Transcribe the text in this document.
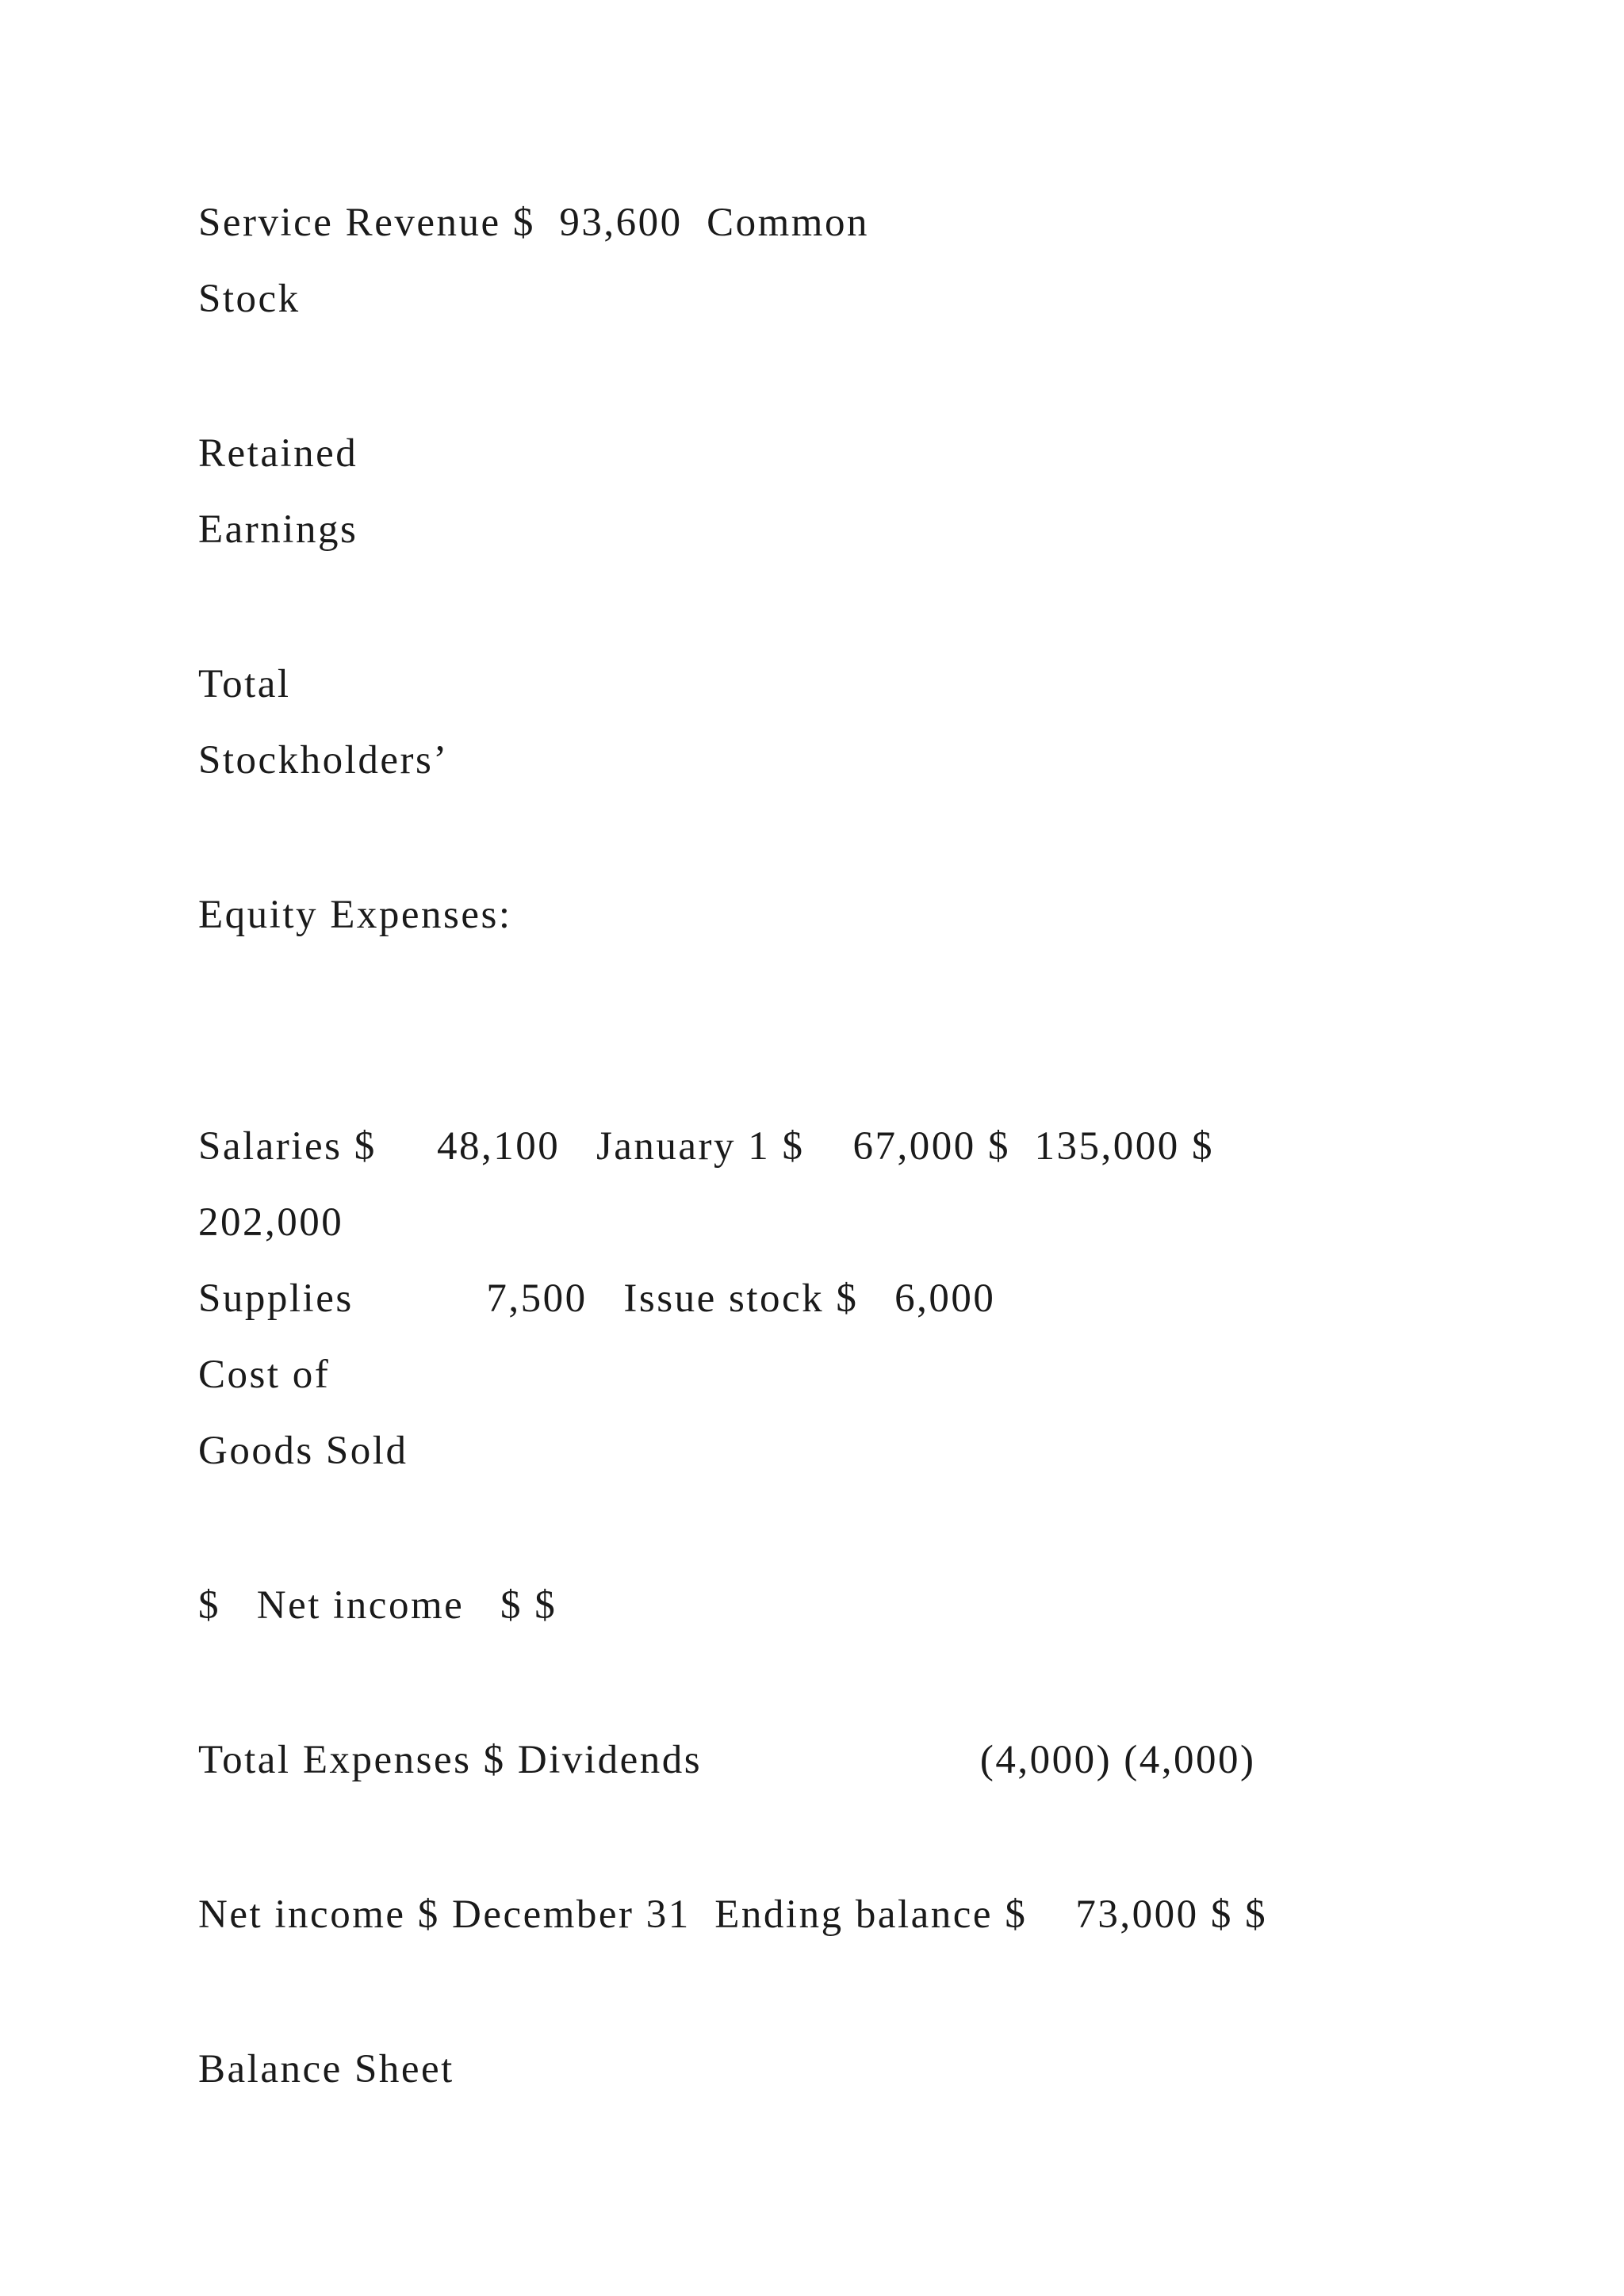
Service Revenue $  93,600  Common
Stock
Retained
Earnings
Total
Stockholders’
Equity Expenses:
Salaries $     48,100   January 1 $    67,000 $  135,000 $
202,000
Supplies           7,500   Issue stock $   6,000
Cost of
Goods Sold
$   Net income   $ $
Total Expenses $ Dividends                       (4,000) (4,000)
Net income $ December 31  Ending balance $    73,000 $ $
Balance Sheet
